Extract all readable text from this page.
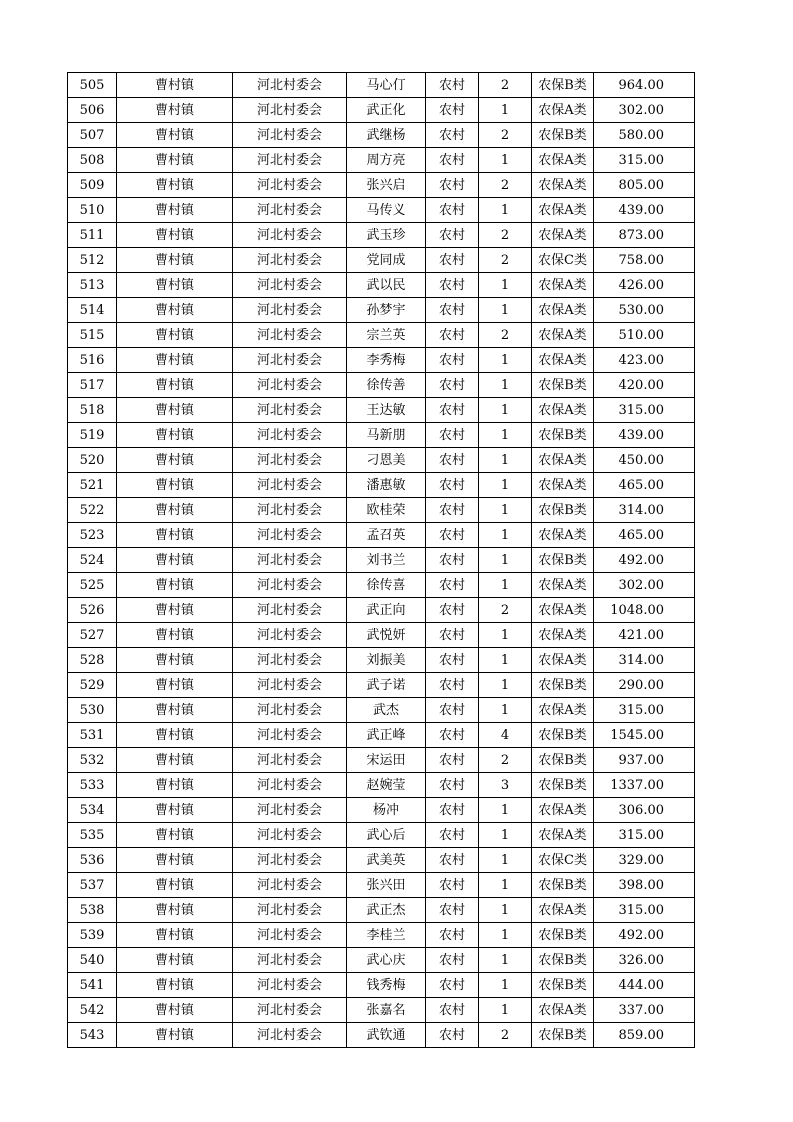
505	曹村镇	河北村委会	马心仃	农村	2	农保B类	964.00
506	曹村镇	河北村委会	武正化	农村	1	农保A类	302.00
507	曹村镇	河北村委会	武继杨	农村	2	农保B类	580.00
508	曹村镇	河北村委会	周方亮	农村	1	农保A类	315.00
509	曹村镇	河北村委会	张兴启	农村	2	农保A类	805.00
510	曹村镇	河北村委会	马传义	农村	1	农保A类	439.00
511	曹村镇	河北村委会	武玉珍	农村	2	农保A类	873.00
512	曹村镇	河北村委会	党同成	农村	2	农保C类	758.00
513	曹村镇	河北村委会	武以民	农村	1	农保A类	426.00
514	曹村镇	河北村委会	孙梦宇	农村	1	农保A类	530.00
515	曹村镇	河北村委会	宗兰英	农村	2	农保A类	510.00
516	曹村镇	河北村委会	李秀梅	农村	1	农保A类	423.00
517	曹村镇	河北村委会	徐传善	农村	1	农保B类	420.00
518	曹村镇	河北村委会	王达敏	农村	1	农保A类	315.00
519	曹村镇	河北村委会	马新朋	农村	1	农保B类	439.00
520	曹村镇	河北村委会	刁恩美	农村	1	农保A类	450.00
521	曹村镇	河北村委会	潘惠敏	农村	1	农保A类	465.00
522	曹村镇	河北村委会	欧桂荣	农村	1	农保B类	314.00
523	曹村镇	河北村委会	孟召英	农村	1	农保A类	465.00
524	曹村镇	河北村委会	刘书兰	农村	1	农保B类	492.00
525	曹村镇	河北村委会	徐传喜	农村	1	农保A类	302.00
526	曹村镇	河北村委会	武正向	农村	2	农保A类	1048.00
527	曹村镇	河北村委会	武悦妍	农村	1	农保A类	421.00
528	曹村镇	河北村委会	刘振美	农村	1	农保A类	314.00
529	曹村镇	河北村委会	武子诺	农村	1	农保B类	290.00
530	曹村镇	河北村委会	武杰	农村	1	农保A类	315.00
531	曹村镇	河北村委会	武正峰	农村	4	农保B类	1545.00
532	曹村镇	河北村委会	宋运田	农村	2	农保B类	937.00
533	曹村镇	河北村委会	赵婉莹	农村	3	农保B类	1337.00
534	曹村镇	河北村委会	杨冲	农村	1	农保A类	306.00
535	曹村镇	河北村委会	武心后	农村	1	农保A类	315.00
536	曹村镇	河北村委会	武美英	农村	1	农保C类	329.00
537	曹村镇	河北村委会	张兴田	农村	1	农保B类	398.00
538	曹村镇	河北村委会	武正杰	农村	1	农保A类	315.00
539	曹村镇	河北村委会	李桂兰	农村	1	农保B类	492.00
540	曹村镇	河北村委会	武心庆	农村	1	农保B类	326.00
541	曹村镇	河北村委会	钱秀梅	农村	1	农保B类	444.00
542	曹村镇	河北村委会	张嘉名	农村	1	农保A类	337.00
543	曹村镇	河北村委会	武钦通	农村	2	农保B类	859.00
